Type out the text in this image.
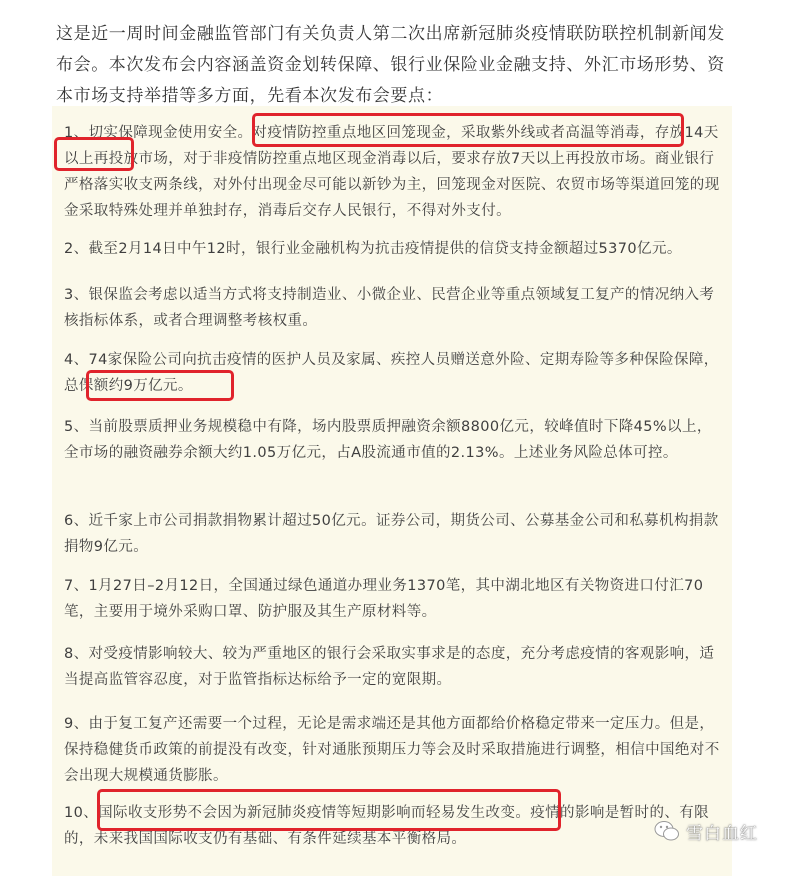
这是近一周时间金融监管部门有关负责人第二次出席新冠肺炎疫情联防联控机制新闻发布会。本次发布会内容涵盖资金划转保障、银行业保险业金融支持、外汇市场形势、资本市场支持举措等多方面，先看本次发布会要点：

1、切实保障现金使用安全。对疫情防控重点地区回笼现金，采取紫外线或者高温等消毒，存放14天以上再投放市场，对于非疫情防控重点地区现金消毒以后，要求存放7天以上再投放市场。商业银行严格落实收支两条线，对外付出现金尽可能以新钞为主，回笼现金对医院、农贸市场等渠道回笼的现金采取特殊处理并单独封存，消毒后交存人民银行，不得对外支付。
2、截至2月14日中午12时，银行业金融机构为抗击疫情提供的信贷支持金额超过5370亿元。
3、银保监会考虑以适当方式将支持制造业、小微企业、民营企业等重点领域复工复产的情况纳入考核指标体系，或者合理调整考核权重。
4、74家保险公司向抗击疫情的医护人员及家属、疾控人员赠送意外险、定期寿险等多种保险保障，总保额约9万亿元。
5、当前股票质押业务规模稳中有降，场内股票质押融资余额8800亿元，较峰值时下降45%以上，全市场的融资融券余额大约1.05万亿元，占A股流通市值的2.13%。上述业务风险总体可控。
6、近千家上市公司捐款捐物累计超过50亿元。证券公司，期货公司、公募基金公司和私募机构捐款捐物9亿元。
7、1月27日–2月12日，全国通过绿色通道办理业务1370笔，其中湖北地区有关物资进口付汇70笔，主要用于境外采购口罩、防护服及其生产原材料等。
8、对受疫情影响较大、较为严重地区的银行会采取实事求是的态度，充分考虑疫情的客观影响，适当提高监管容忍度，对于监管指标达标给予一定的宽限期。
9、由于复工复产还需要一个过程，无论是需求端还是其他方面都给价格稳定带来一定压力。但是，保持稳健货币政策的前提没有改变，针对通胀预期压力等会及时采取措施进行调整，相信中国绝对不会出现大规模通货膨胀。
10、国际收支形势不会因为新冠肺炎疫情等短期影响而轻易发生改变。疫情的影响是暂时的、有限的，未来我国国际收支仍有基础、有条件延续基本平衡格局。	雪白血红
